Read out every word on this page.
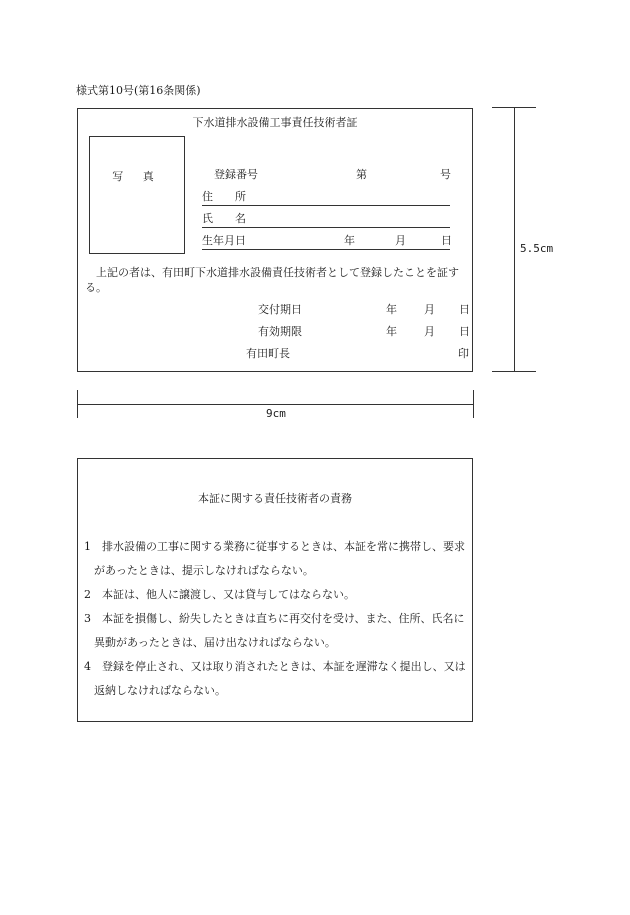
様式第10号(第16条関係)
下水道排水設備工事責任技術者証
写 真	登録番号	第	号
住　　所
氏　　名
生年月日	年	月	日
上記の者は、有田町下水道排水設備責任技術者として登録したことを証する。
交付期日	年 月 日
有効期限	年 月 日
有田町長	印
5.5cm
9cm
本証に関する責任技術者の責務
1 排水設備の工事に関する業務に従事するときは、本証を常に携帯し、要求があったときは、提示しなければならない。
2 本証は、他人に譲渡し、又は貸与してはならない。
3 本証を損傷し、紛失したときは直ちに再交付を受け、また、住所、氏名に異動があったときは、届け出なければならない。
4 登録を停止され、又は取り消されたときは、本証を遅滞なく提出し、又は返納しなければならない。
